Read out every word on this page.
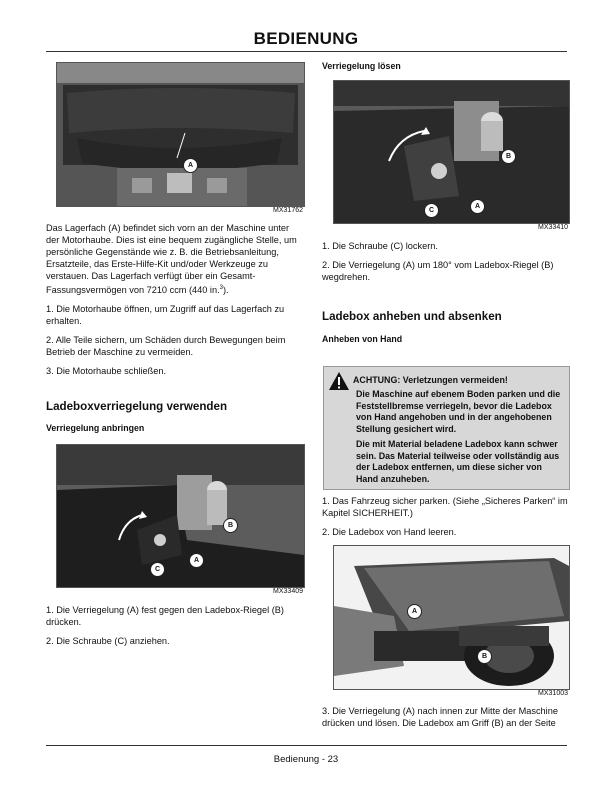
BEDIENUNG
A
MX31762

Das Lagerfach (A) befindet sich vorn an der Maschine unter der Motorhaube. Dies ist eine bequem zugängliche Stelle, um persönliche Gegenstände wie z. B. die Betriebsanleitung, Ersatzteile, das Erste-Hilfe-Kit und/oder Werkzeuge zu verstauen. Das Lagerfach verfügt über ein Gesamt-Fassungsvermögen von 7210 ccm (440 in.$^3$).

1. Die Motorhaube öffnen, um Zugriff auf das Lagerfach zu erhalten.

2. Alle Teile sichern, um Schäden durch Bewegungen beim Betrieb der Maschine zu vermeiden.

3. Die Motorhaube schließen.

Ladeboxverriegelung verwenden
Verriegelung anbringen
B
A
C
MX33409

1. Die Verriegelung (A) fest gegen den Ladebox-Riegel (B) drücken.

2. Die Schraube (C) anziehen.

Verriegelung lösen
B
C
A
MX33410

1. Die Schraube (C) lockern.

2. Die Verriegelung (A) um 180° vom Ladebox-Riegel (B) wegdrehen.

Ladebox anheben und absenken
Anheben von Hand

ACHTUNG: Verletzungen vermeiden!

Die Maschine auf ebenem Boden parken und die Feststellbremse verriegeln, bevor die Ladebox von Hand angehoben und in der angehobenen Stellung gesichert wird.

Die mit Material beladene Ladebox kann schwer sein. Das Material teilweise oder vollständig aus der Ladebox entfernen, um diese sicher von Hand anzuheben.

1. Das Fahrzeug sicher parken. (Siehe „Sicheres Parken“ im Kapitel SICHERHEIT.)

2. Die Ladebox von Hand leeren.

A
B
MX31003

3. Die Verriegelung (A) nach innen zur Mitte der Maschine drücken und lösen. Die Ladebox am Griff (B) an der Seite

Bedienung - 23
